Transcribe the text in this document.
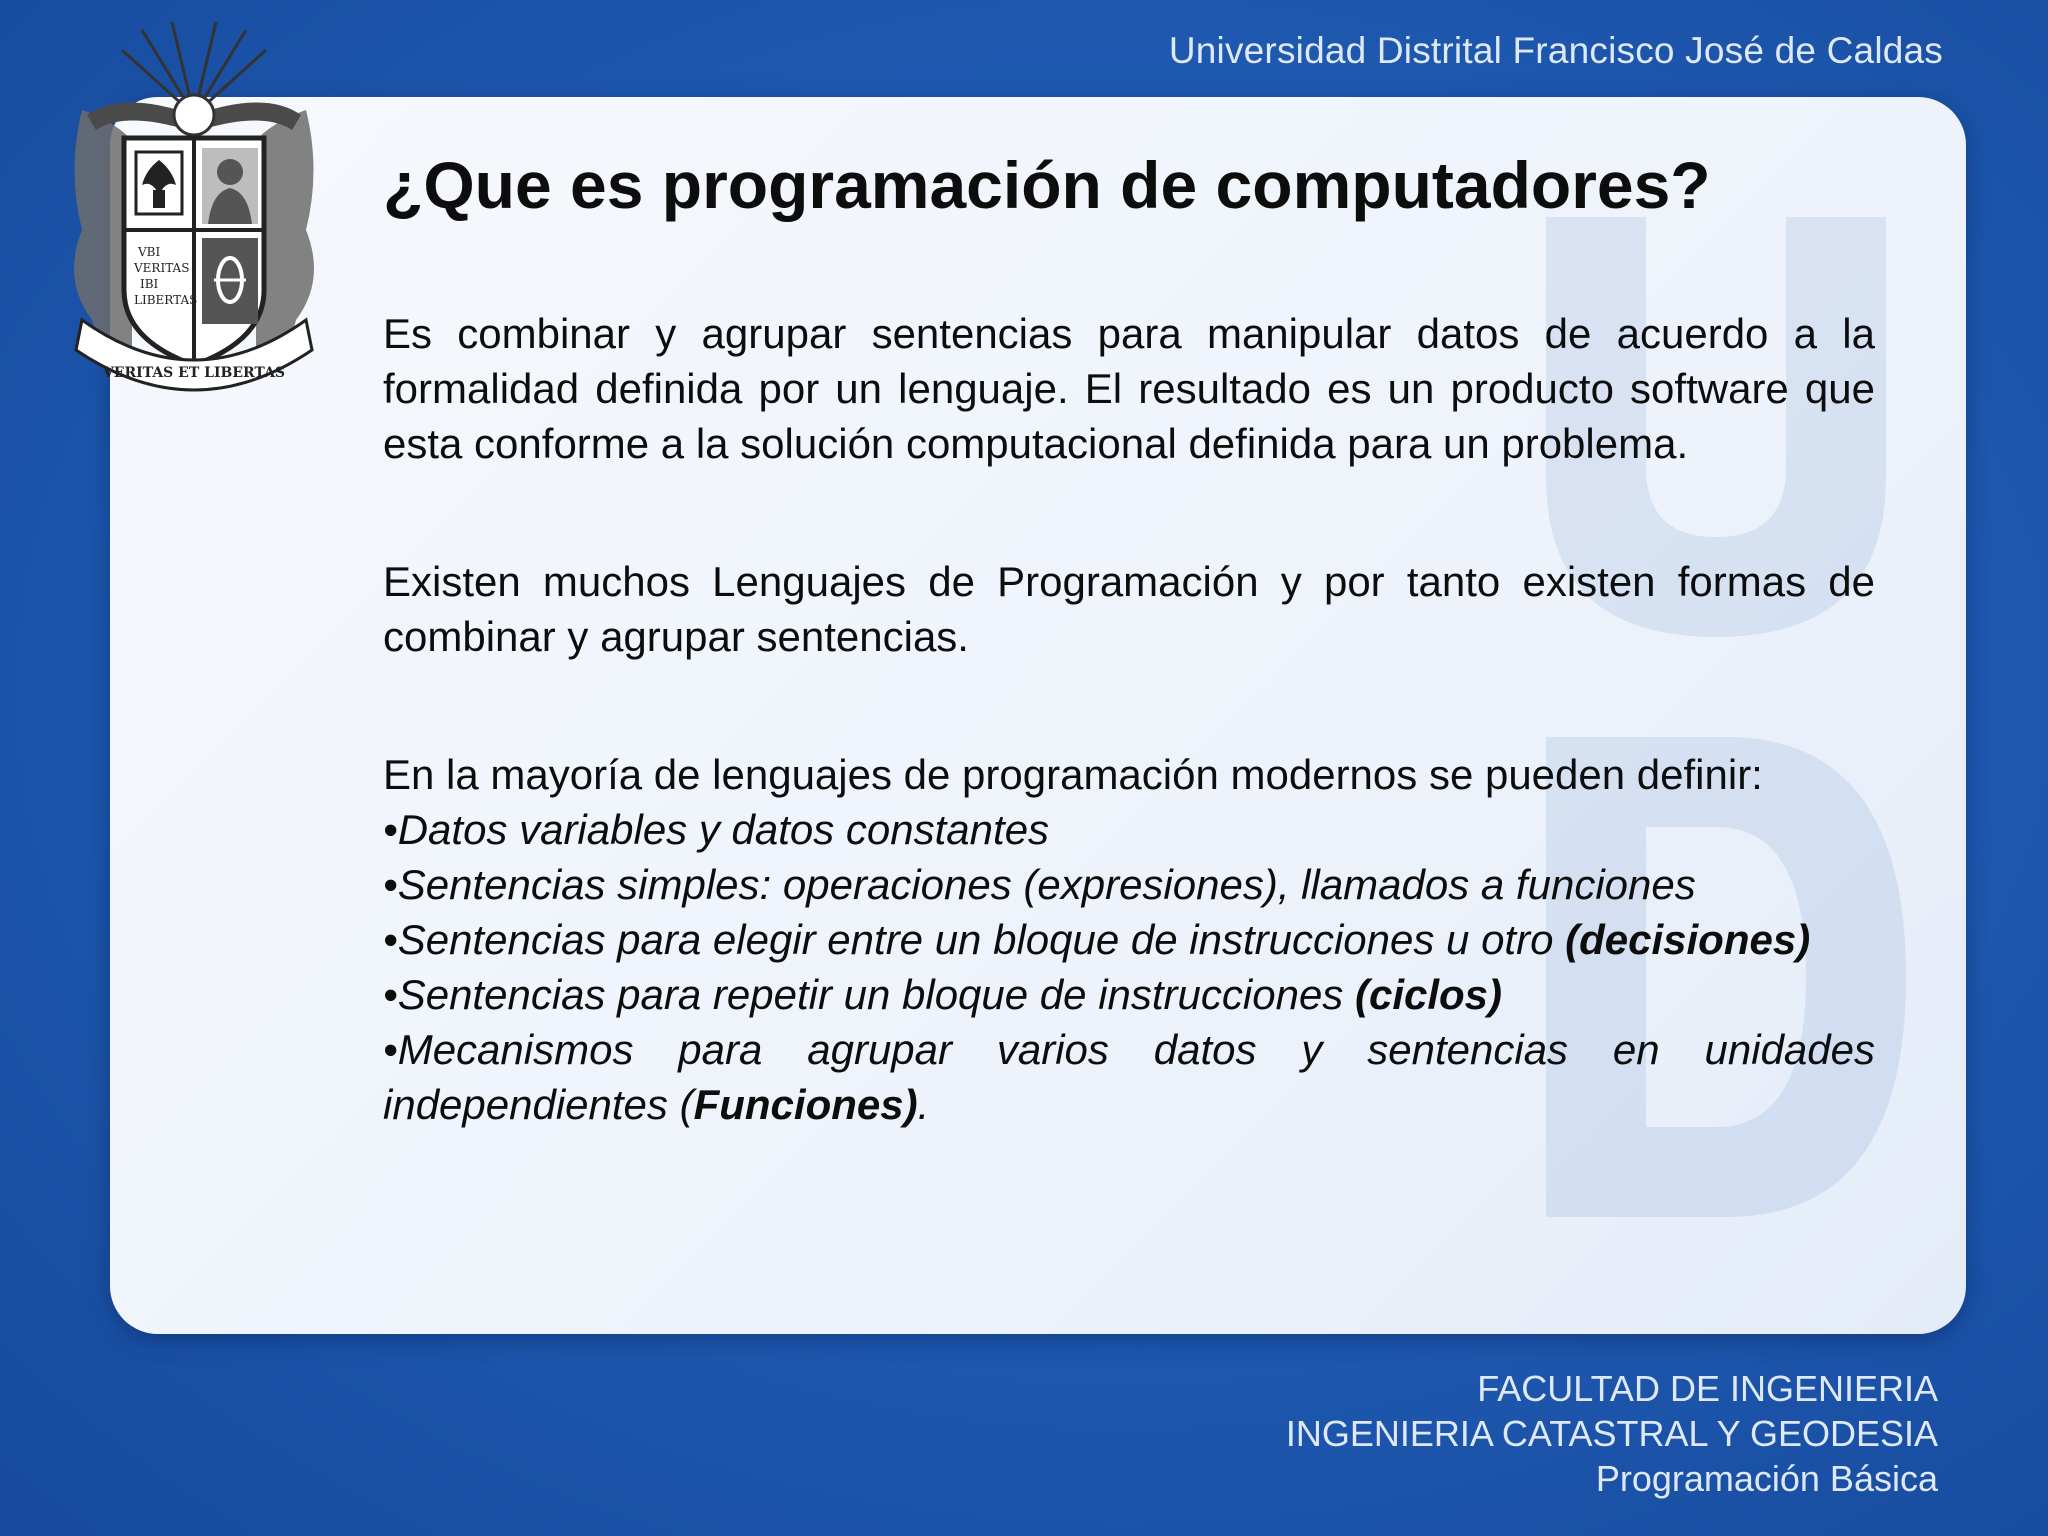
Universidad Distrital Francisco José de Caldas
VBI
VERITAS
IBI
LIBERTAS
VERITAS ET LIBERTAS
¿Que es programación de computadores?

Es combinar y agrupar sentencias para manipular datos de acuerdo a la formalidad definida por un lenguaje. El resultado es un producto software que esta conforme a la solución computacional definida para un problema.

Existen muchos Lenguajes de Programación y por tanto existen formas de combinar y agrupar sentencias.

En la mayoría de lenguajes de programación modernos se pueden definir:

•Datos variables y datos constantes
•Sentencias simples: operaciones (expresiones), llamados a funciones
•Sentencias para elegir entre un bloque de instrucciones u otro (decisiones)
•Sentencias para repetir un bloque de instrucciones (ciclos)
•Mecanismos para agrupar varios datos y sentencias en unidades independientes (Funciones).
FACULTAD DE INGENIERIA
INGENIERIA CATASTRAL Y GEODESIA
Programación Básica
